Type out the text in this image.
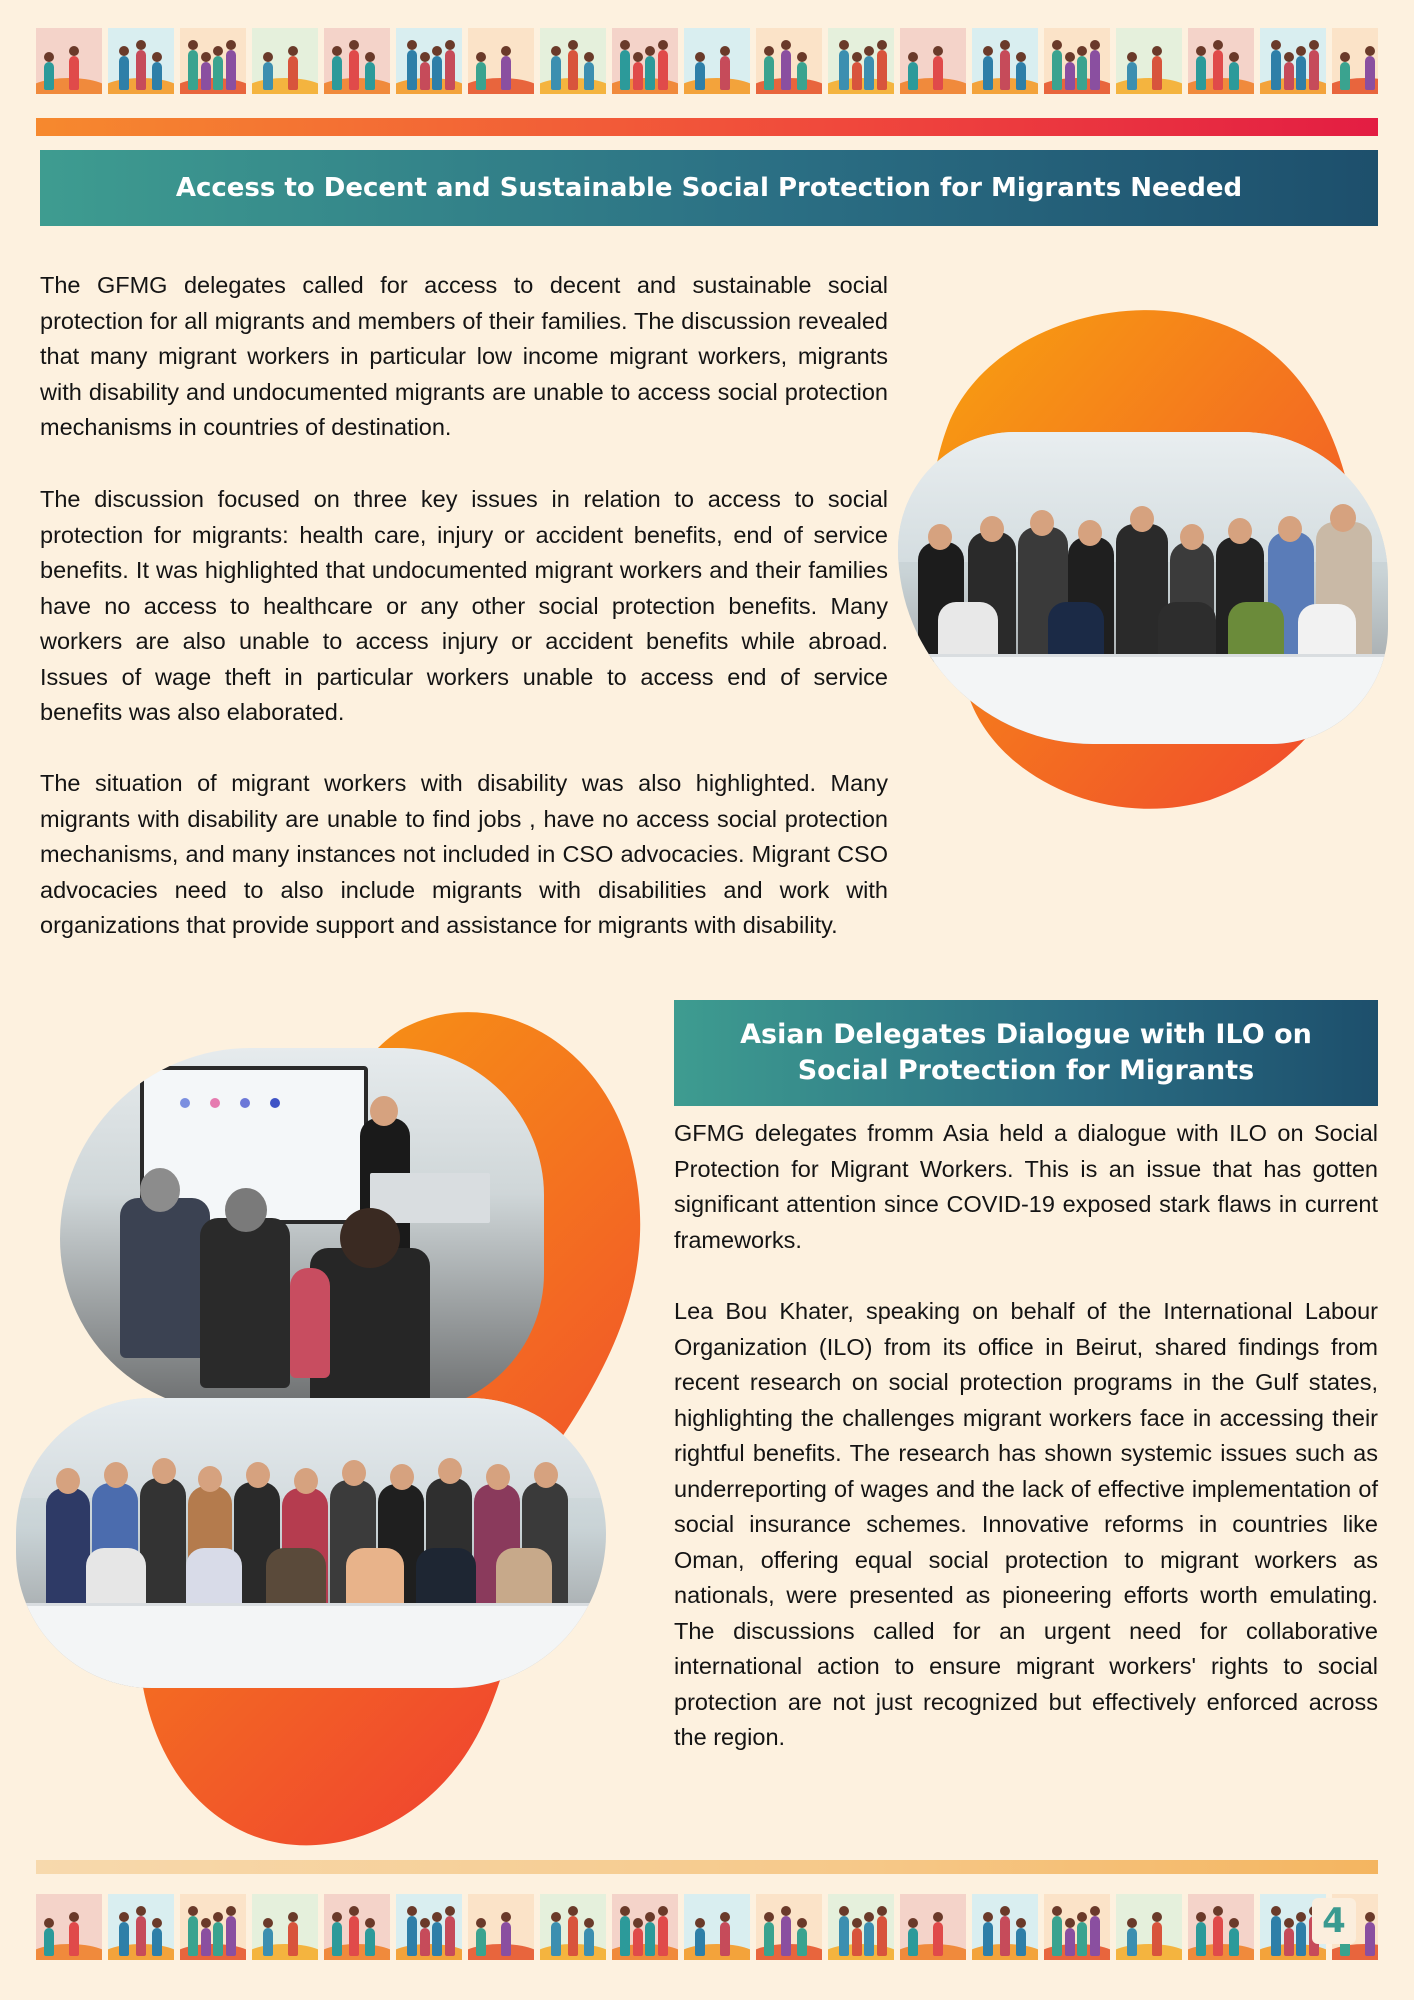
Access to Decent and Sustainable Social Protection for Migrants Needed

The GFMG delegates called for access to decent and sustainable social protection for all migrants and members of their families. The discussion revealed that many migrant workers in particular low income migrant workers, migrants with disability and undocumented migrants are unable to access social protection mechanisms in countries of destination.

The discussion focused on three key issues in relation to access to social protection for migrants: health care, injury or accident benefits, end of service benefits. It was highlighted that undocumented migrant workers and their families have no access to healthcare or any other social protection benefits. Many workers are also unable to access injury or accident benefits while abroad. Issues of wage theft in particular workers unable to access end of service benefits was also elaborated.

The situation of migrant workers with disability was also highlighted. Many migrants with disability are unable to find jobs , have no access social protection mechanisms, and many instances not included in CSO advocacies. Migrant CSO advocacies need to also include migrants with disabilities and work with organizations that provide support and assistance for migrants with disability.

Asian Delegates Dialogue with ILO on Social Protection for Migrants

GFMG delegates fromm Asia held a dialogue with ILO on Social Protection for Migrant Workers. This is an issue that has gotten significant attention since COVID-19 exposed stark flaws in current frameworks.

Lea Bou Khater, speaking on behalf of the International Labour Organization (ILO) from its office in Beirut, shared findings from recent research on social protection programs in the Gulf states, highlighting the challenges migrant workers face in accessing their rightful benefits. The research has shown systemic issues such as underreporting of wages and the lack of effective implementation of social insurance schemes. Innovative reforms in countries like Oman, offering equal social protection to migrant workers as nationals, were presented as pioneering efforts worth emulating. The discussions called for an urgent need for collaborative international action to ensure migrant workers' rights to social protection are not just recognized but effectively enforced across the region.

4
